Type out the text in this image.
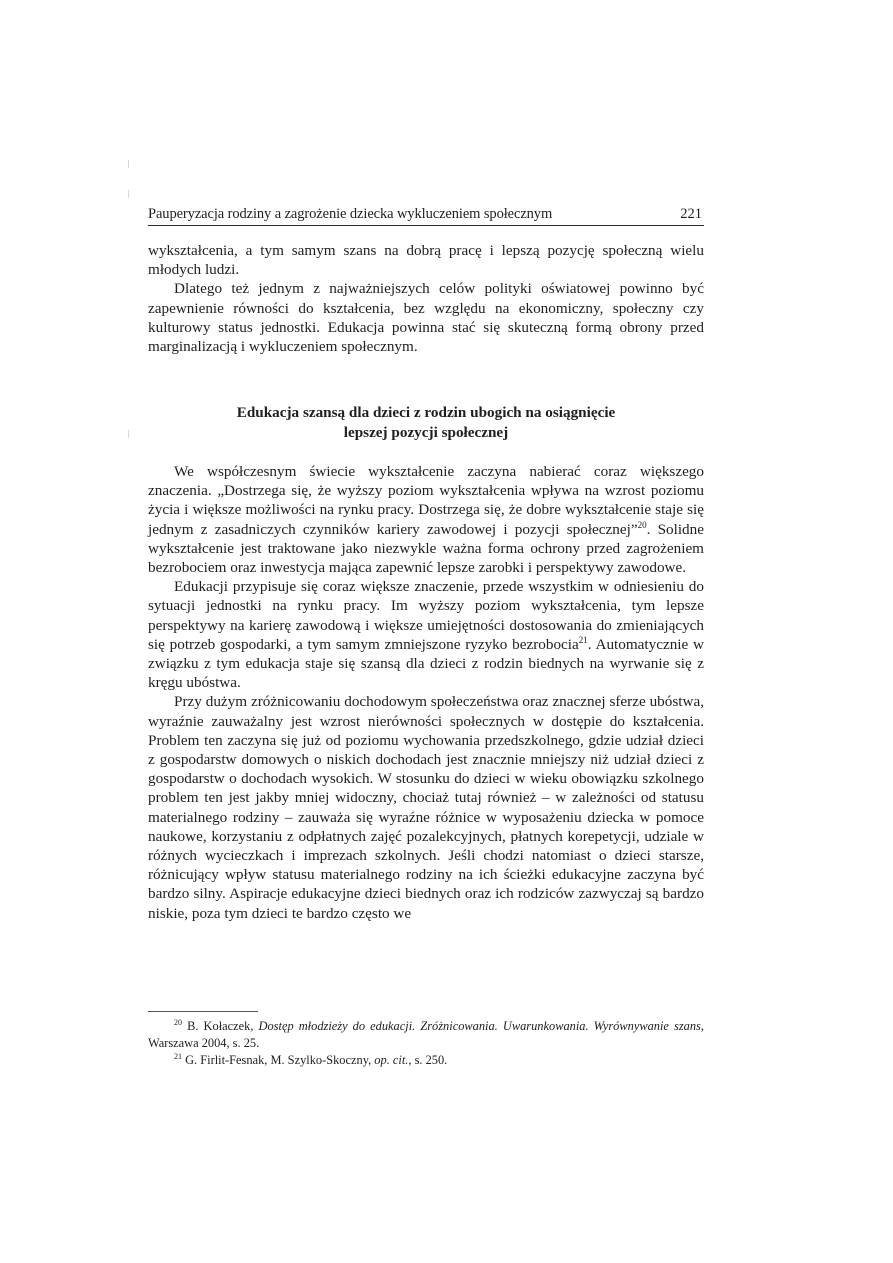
Pauperyzacja rodziny a zagrożenie dziecka wykluczeniem społecznym	221

wykształcenia, a tym samym szans na dobrą pracę i lepszą pozycję społeczną wielu młodych ludzi.

Dlatego też jednym z najważniejszych celów polityki oświatowej powinno być zapewnienie równości do kształcenia, bez względu na ekonomiczny, społeczny czy kulturowy status jednostki. Edukacja powinna stać się skuteczną formą obrony przed marginalizacją i wykluczeniem społecznym.

Edukacja szansą dla dzieci z rodzin ubogich na osiągnięcie
lepszej pozycji społecznej

We współczesnym świecie wykształcenie zaczyna nabierać coraz większego znaczenia. „Dostrzega się, że wyższy poziom wykształcenia wpływa na wzrost poziomu życia i większe możliwości na rynku pracy. Dostrzega się, że dobre wykształcenie staje się jednym z zasadniczych czynników kariery zawodowej i pozycji społecznej”$^{20}$. Solidne wykształcenie jest traktowane jako niezwykle ważna forma ochrony przed zagrożeniem bezrobociem oraz inwestycja mająca zapewnić lepsze zarobki i perspektywy zawodowe.

Edukacji przypisuje się coraz większe znaczenie, przede wszystkim w odniesieniu do sytuacji jednostki na rynku pracy. Im wyższy poziom wykształcenia, tym lepsze perspektywy na karierę zawodową i większe umiejętności dostosowania do zmieniających się potrzeb gospodarki, a tym samym zmniejszone ryzyko bezrobocia$^{21}$. Automatycznie w związku z tym edukacja staje się szansą dla dzieci z rodzin biednych na wyrwanie się z kręgu ubóstwa.

Przy dużym zróżnicowaniu dochodowym społeczeństwa oraz znacznej sferze ubóstwa, wyraźnie zauważalny jest wzrost nierówności społecznych w dostępie do kształcenia. Problem ten zaczyna się już od poziomu wychowania przedszkolnego, gdzie udział dzieci z gospodarstw domowych o niskich dochodach jest znacznie mniejszy niż udział dzieci z gospodarstw o dochodach wysokich. W stosunku do dzieci w wieku obowiązku szkolnego problem ten jest jakby mniej widoczny, chociaż tutaj również – w zależności od statusu materialnego rodziny – zauważa się wyraźne różnice w wyposażeniu dziecka w pomoce naukowe, korzystaniu z odpłatnych zajęć pozalekcyjnych, płatnych korepetycji, udziale w różnych wycieczkach i imprezach szkolnych. Jeśli chodzi natomiast o dzieci starsze, różnicujący wpływ statusu materialnego rodziny na ich ścieżki edukacyjne zaczyna być bardzo silny. Aspiracje edukacyjne dzieci biednych oraz ich rodziców zazwyczaj są bardzo niskie, poza tym dzieci te bardzo często we

$^{20}$ B. Kołaczek, Dostęp młodzieży do edukacji. Zróżnicowania. Uwarunkowania. Wyrównywanie szans, Warszawa 2004, s. 25.

$^{21}$ G. Firlit-Fesnak, M. Szylko-Skoczny, op. cit., s. 250.
